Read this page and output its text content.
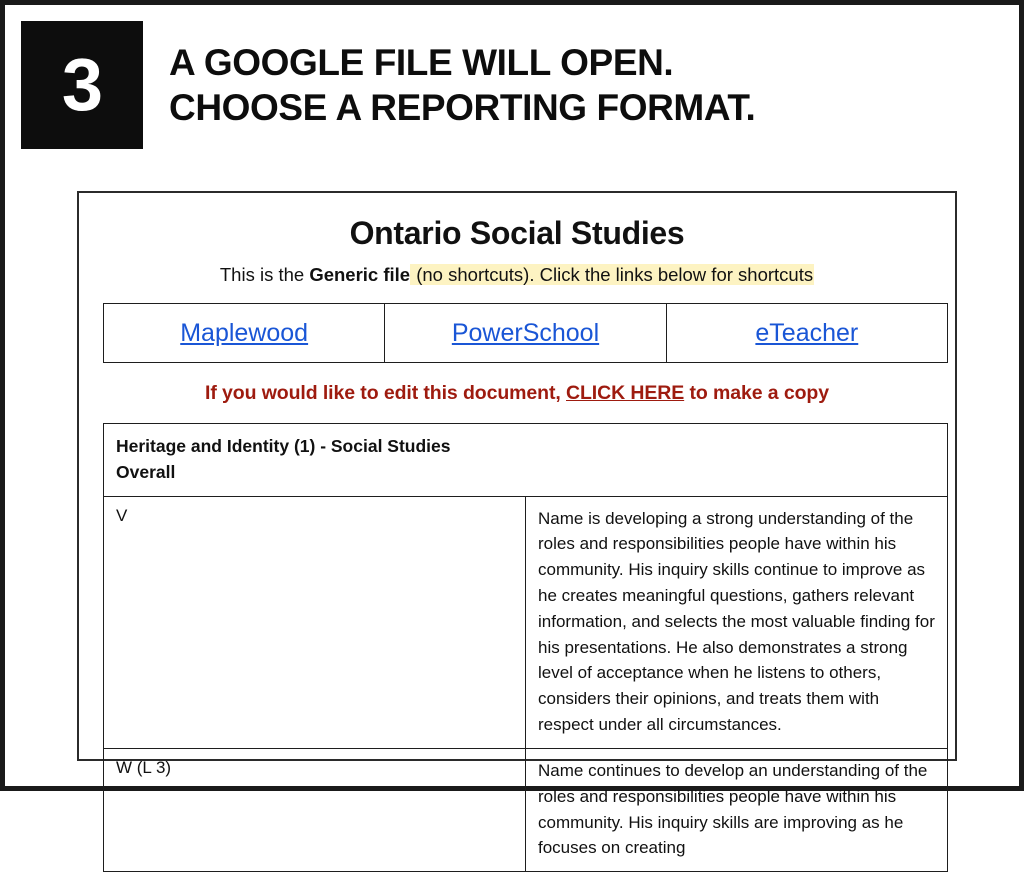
3 A GOOGLE FILE WILL OPEN.
CHOOSE A REPORTING FORMAT.
Ontario Social Studies
This is the Generic file (no shortcuts). Click the links below for shortcuts
Maplewood	PowerSchool	eTeacher
If you would like to edit this document, CLICK HERE to make a copy
Heritage and Identity (1) - Social Studies
Overall	

V	Name is developing a strong understanding of the roles and responsibilities people have within his community. His inquiry skills continue to improve as he creates meaningful questions, gathers relevant information, and selects the most valuable finding for his presentations. He also demonstrates a strong level of acceptance when he listens to others, considers their opinions, and treats them with respect under all circumstances.
W (L 3)	Name continues to develop an understanding of the roles and responsibilities people have within his community. His inquiry skills are improving as he focuses on creating
